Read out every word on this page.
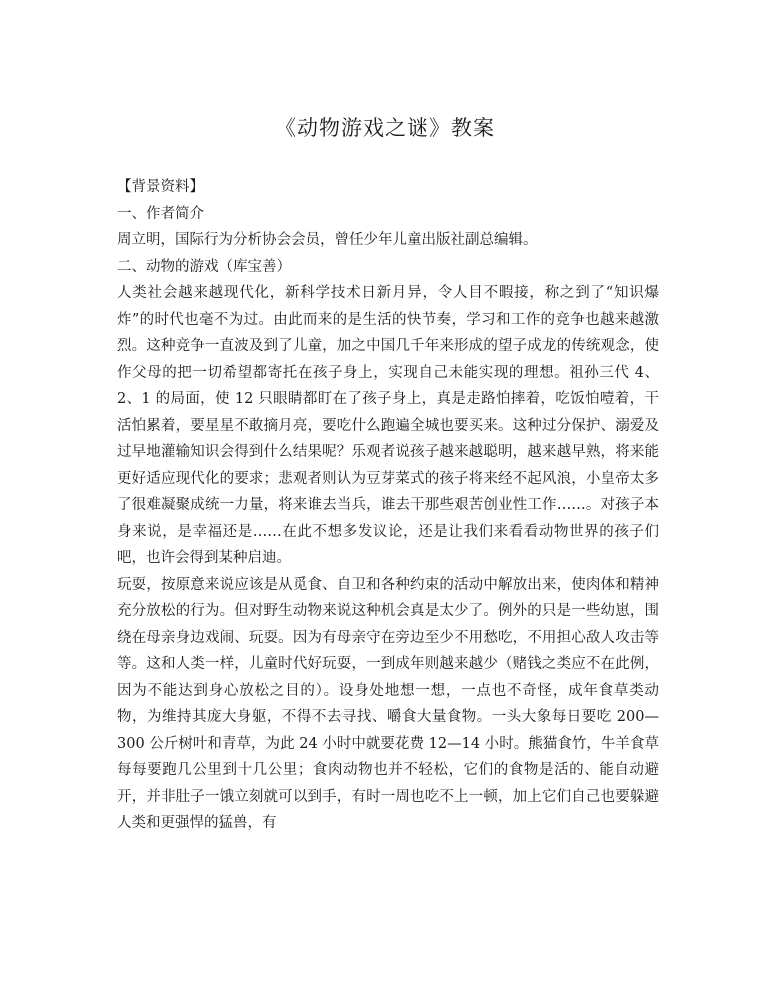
《动物游戏之谜》教案

【背景资料】

一、作者简介

周立明，国际行为分析协会会员，曾任少年儿童出版社副总编辑。

二、动物的游戏（库宝善）

人类社会越来越现代化，新科学技术日新月异，令人目不暇接，称之到了“知识爆炸”的时代也毫不为过。由此而来的是生活的快节奏，学习和工作的竞争也越来越激烈。这种竞争一直波及到了儿童，加之中国几千年来形成的望子成龙的传统观念，使作父母的把一切希望都寄托在孩子身上，实现自己未能实现的理想。祖孙三代 4、2、1 的局面，使 12 只眼睛都盯在了孩子身上，真是走路怕摔着，吃饭怕噎着，干活怕累着，要星星不敢摘月亮，要吃什么跑遍全城也要买来。这种过分保护、溺爱及过早地灌输知识会得到什么结果呢？乐观者说孩子越来越聪明，越来越早熟，将来能更好适应现代化的要求；悲观者则认为豆芽菜式的孩子将来经不起风浪，小皇帝太多了很难凝聚成统一力量，将来谁去当兵，谁去干那些艰苦创业性工作……。对孩子本身来说，是幸福还是……在此不想多发议论，还是让我们来看看动物世界的孩子们吧，也许会得到某种启迪。

玩耍，按原意来说应该是从觅食、自卫和各种约束的活动中解放出来，使肉体和精神充分放松的行为。但对野生动物来说这种机会真是太少了。例外的只是一些幼崽，围绕在母亲身边戏闹、玩耍。因为有母亲守在旁边至少不用愁吃，不用担心敌人攻击等等。这和人类一样，儿童时代好玩耍，一到成年则越来越少（赌钱之类应不在此例，因为不能达到身心放松之目的）。设身处地想一想，一点也不奇怪，成年食草类动物，为维持其庞大身躯，不得不去寻找、嚼食大量食物。一头大象每日要吃 200—300 公斤树叶和青草，为此 24 小时中就要花费 12—14 小时。熊猫食竹，牛羊食草每每要跑几公里到十几公里；食肉动物也并不轻松，它们的食物是活的、能自动避开，并非肚子一饿立刻就可以到手，有时一周也吃不上一顿，加上它们自己也要躲避人类和更强悍的猛兽，有
